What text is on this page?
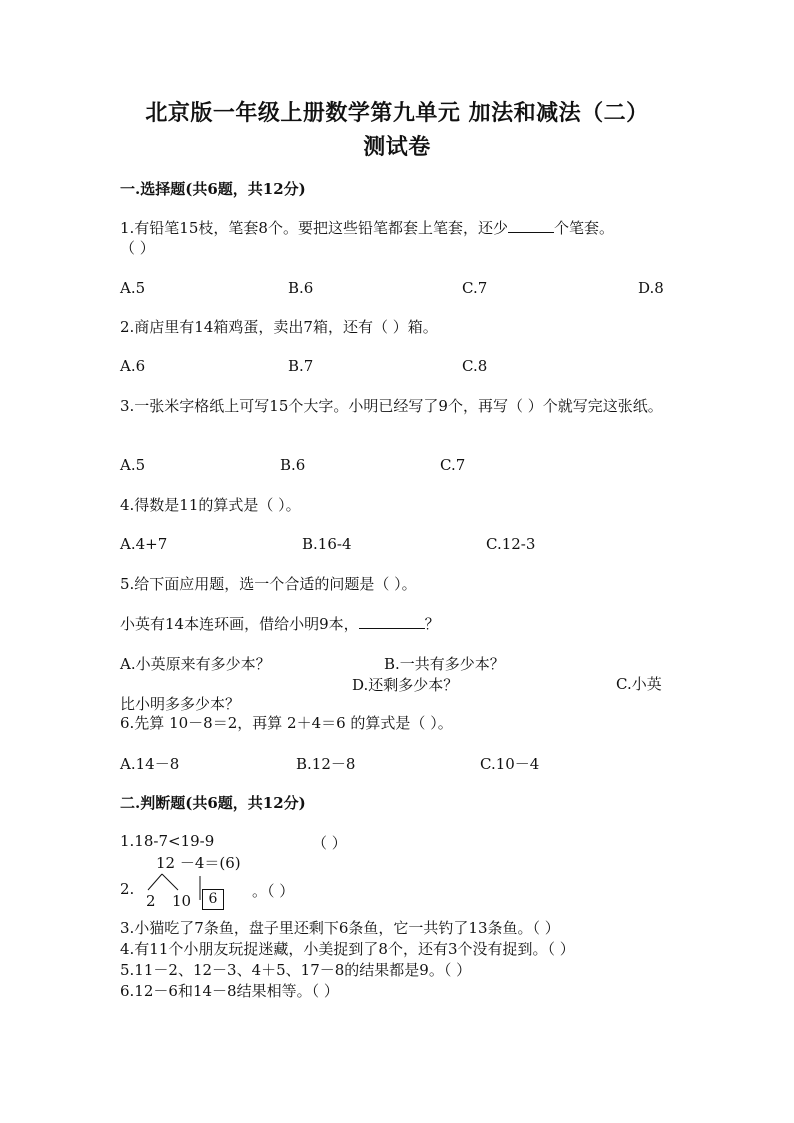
北京版一年级上册数学第九单元 加法和减法（二）
测试卷
一.选择题(共6题，共12分)
1.有铅笔15枝，笔套8个。要把这些铅笔都套上笔套，还少	个笔套。
（ ）
A.5	B.6	C.7	D.8
2.商店里有14箱鸡蛋，卖出7箱，还有（ ）箱。
A.6	B.7	C.8
3.一张米字格纸上可写15个大字。小明已经写了9个，再写（ ）个就写完这张纸。
A.5	B.6	C.7
4.得数是11的算式是（ ）。
A.4+7	B.16-4	C.12-3
5.给下面应用题，选一个合适的问题是（ ）。
小英有14本连环画，借给小明9本，	？
A.小英原来有多少本？	B.一共有多少本？
C.小英比小明多多少本？
D.还剩多少本？
6.先算 10－8＝2，再算 2＋4＝6 的算式是（ ）。
A.14－8	B.12－8	C.10－4
二.判断题(共6题，共12分)
1.18-7<19-9	（ ）
12 －4＝(6)
2.
2 10	6	。（ ）
3.小猫吃了7条鱼，盘子里还剩下6条鱼，它一共钓了13条鱼。（ ）
4.有11个小朋友玩捉迷藏，小美捉到了8个，还有3个没有捉到。（ ）
5.11－2、12－3、4＋5、17－8的结果都是9。（ ）
6.12－6和14－8结果相等。（ ）
